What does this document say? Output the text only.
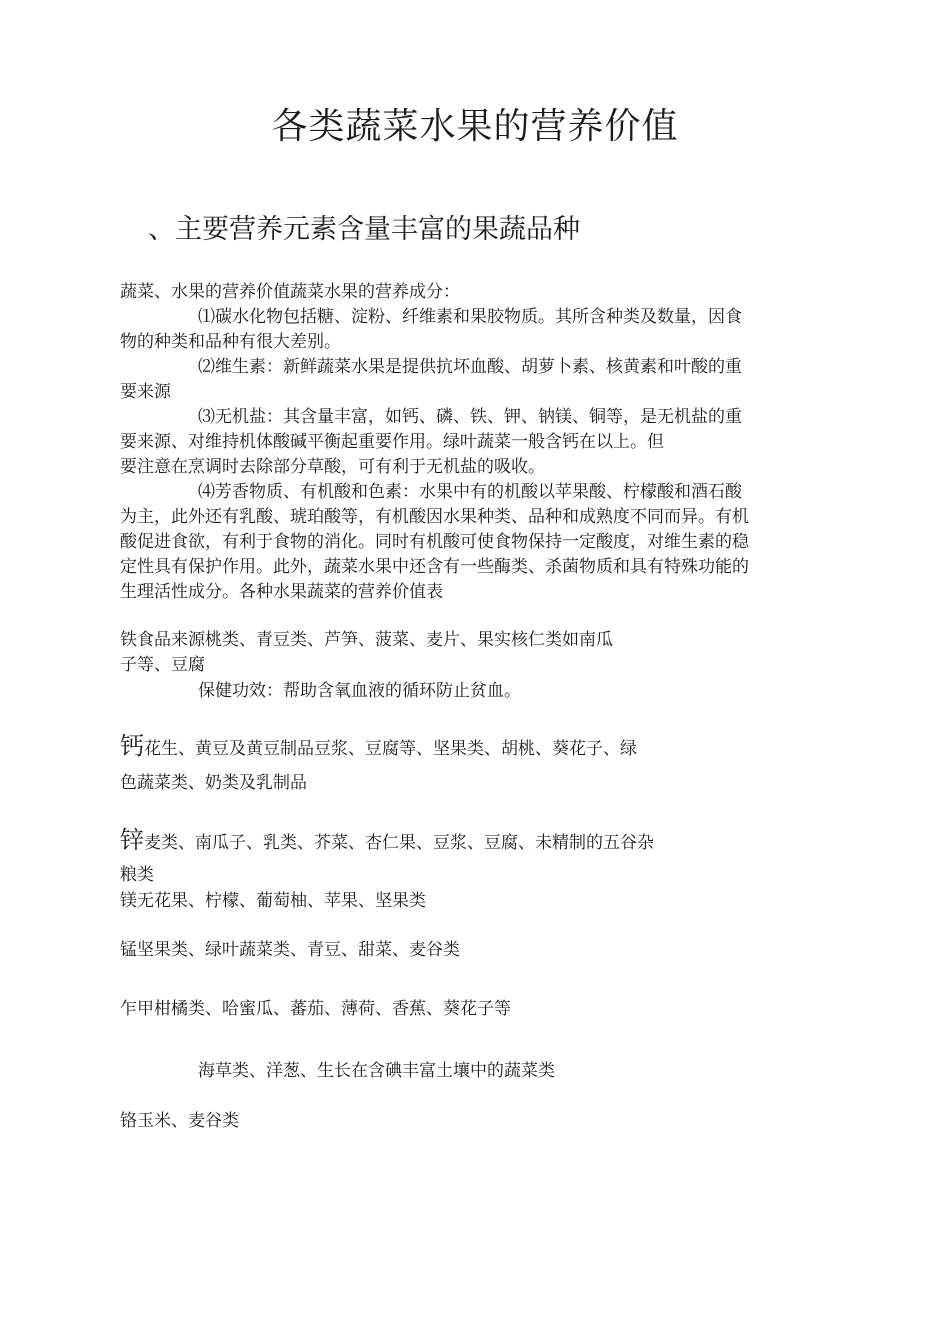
各类蔬菜水果的营养价值
、主要营养元素含量丰富的果蔬品种
蔬菜、水果的营养价值蔬菜水果的营养成分：
⑴碳水化物包括糖、淀粉、纤维素和果胶物质。其所含种类及数量，因食
物的种类和品种有很大差别。
⑵维生素：新鲜蔬菜水果是提供抗坏血酸、胡萝卜素、核黄素和叶酸的重
要来源
⑶无机盐：其含量丰富，如钙、磷、铁、钾、钠镁、铜等，是无机盐的重
要来源、对维持机体酸碱平衡起重要作用。绿叶蔬菜一般含钙在以上。但
要注意在烹调时去除部分草酸，可有利于无机盐的吸收。
⑷芳香物质、有机酸和色素：水果中有的机酸以苹果酸、柠檬酸和酒石酸
为主，此外还有乳酸、琥珀酸等，有机酸因水果种类、品种和成熟度不同而异。有机
酸促进食欲，有利于食物的消化。同时有机酸可使食物保持一定酸度，对维生素的稳
定性具有保护作用。此外，蔬菜水果中还含有一些酶类、杀菌物质和具有特殊功能的
生理活性成分。各种水果蔬菜的营养价值表
铁食品来源桃类、青豆类、芦笋、菠菜、麦片、果实核仁类如南瓜
子等、豆腐
保健功效：帮助含氧血液的循环防止贫血。
钙花生、黄豆及黄豆制品豆浆、豆腐等、坚果类、胡桃、葵花子、绿
色蔬菜类、奶类及乳制品
锌麦类、南瓜子、乳类、芥菜、杏仁果、豆浆、豆腐、未精制的五谷杂
粮类
镁无花果、柠檬、葡萄柚、苹果、坚果类
锰坚果类、绿叶蔬菜类、青豆、甜菜、麦谷类
乍甲柑橘类、哈蜜瓜、蕃茄、薄荷、香蕉、葵花子等
海草类、洋葱、生长在含碘丰富土壤中的蔬菜类
铬玉米、麦谷类
